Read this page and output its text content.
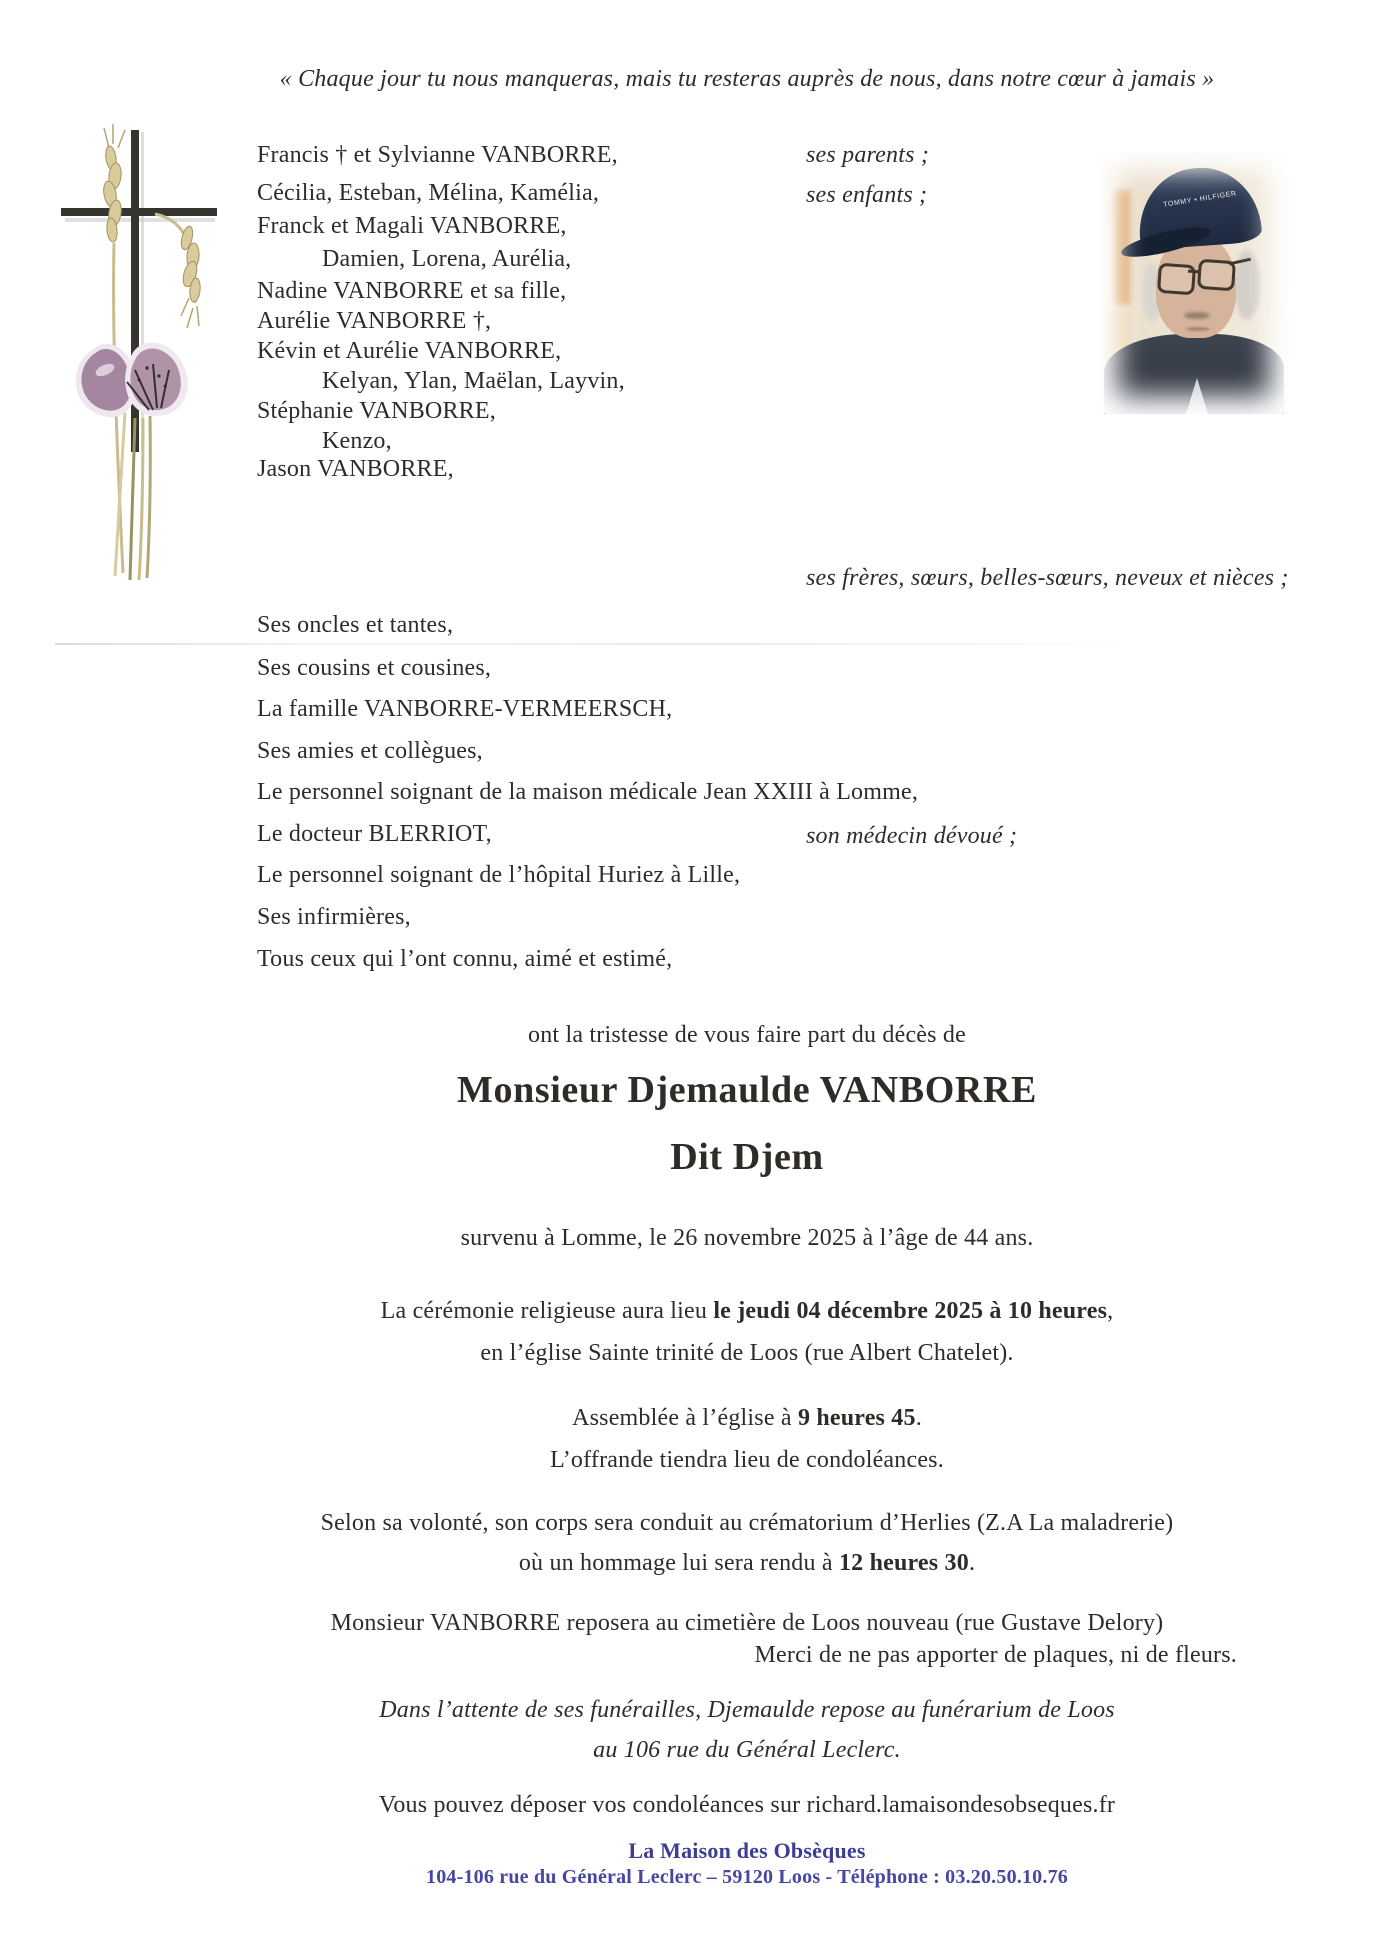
« Chaque jour tu nous manqueras, mais tu resteras auprès de nous, dans notre cœur à jamais »
TOMMY ▪ HILFIGER
Francis † et Sylvianne VANBORRE,
Cécilia, Esteban, Mélina, Kamélia,
Franck et Magali VANBORRE,
Damien, Lorena, Aurélia,
Nadine VANBORRE et sa fille,
Aurélie VANBORRE †,
Kévin et Aurélie VANBORRE,
Kelyan, Ylan, Maëlan, Layvin,
Stéphanie VANBORRE,
Kenzo,
Jason VANBORRE,
ses parents ;
ses enfants ;
ses frères, sœurs, belles-sœurs, neveux et nièces ;
son médecin dévoué ;
Ses oncles et tantes,
Ses cousins et cousines,
La famille VANBORRE-VERMEERSCH,
Ses amies et collègues,
Le personnel soignant de la maison médicale Jean XXIII à Lomme,
Le docteur BLERRIOT,
Le personnel soignant de l’hôpital Huriez à Lille,
Ses infirmières,
Tous ceux qui l’ont connu, aimé et estimé,
ont la tristesse de vous faire part du décès de
Monsieur Djemaulde VANBORRE
Dit Djem
survenu à Lomme, le 26 novembre 2025 à l’âge de 44 ans.
La cérémonie religieuse aura lieu le jeudi 04 décembre 2025 à 10 heures,
en l’église Sainte trinité de Loos (rue Albert Chatelet).
Assemblée à l’église à 9 heures 45.
L’offrande tiendra lieu de condoléances.
Selon sa volonté, son corps sera conduit au crématorium d’Herlies (Z.A La maladrerie)
où un hommage lui sera rendu à 12 heures 30.
Monsieur VANBORRE reposera au cimetière de Loos nouveau (rue Gustave Delory)
Merci de ne pas apporter de plaques, ni de fleurs.
Dans l’attente de ses funérailles, Djemaulde repose au funérarium de Loos
au 106 rue du Général Leclerc.
Vous pouvez déposer vos condoléances sur richard.lamaisondesobseques.fr
La Maison des Obsèques
104-106 rue du Général Leclerc – 59120 Loos - Téléphone : 03.20.50.10.76
